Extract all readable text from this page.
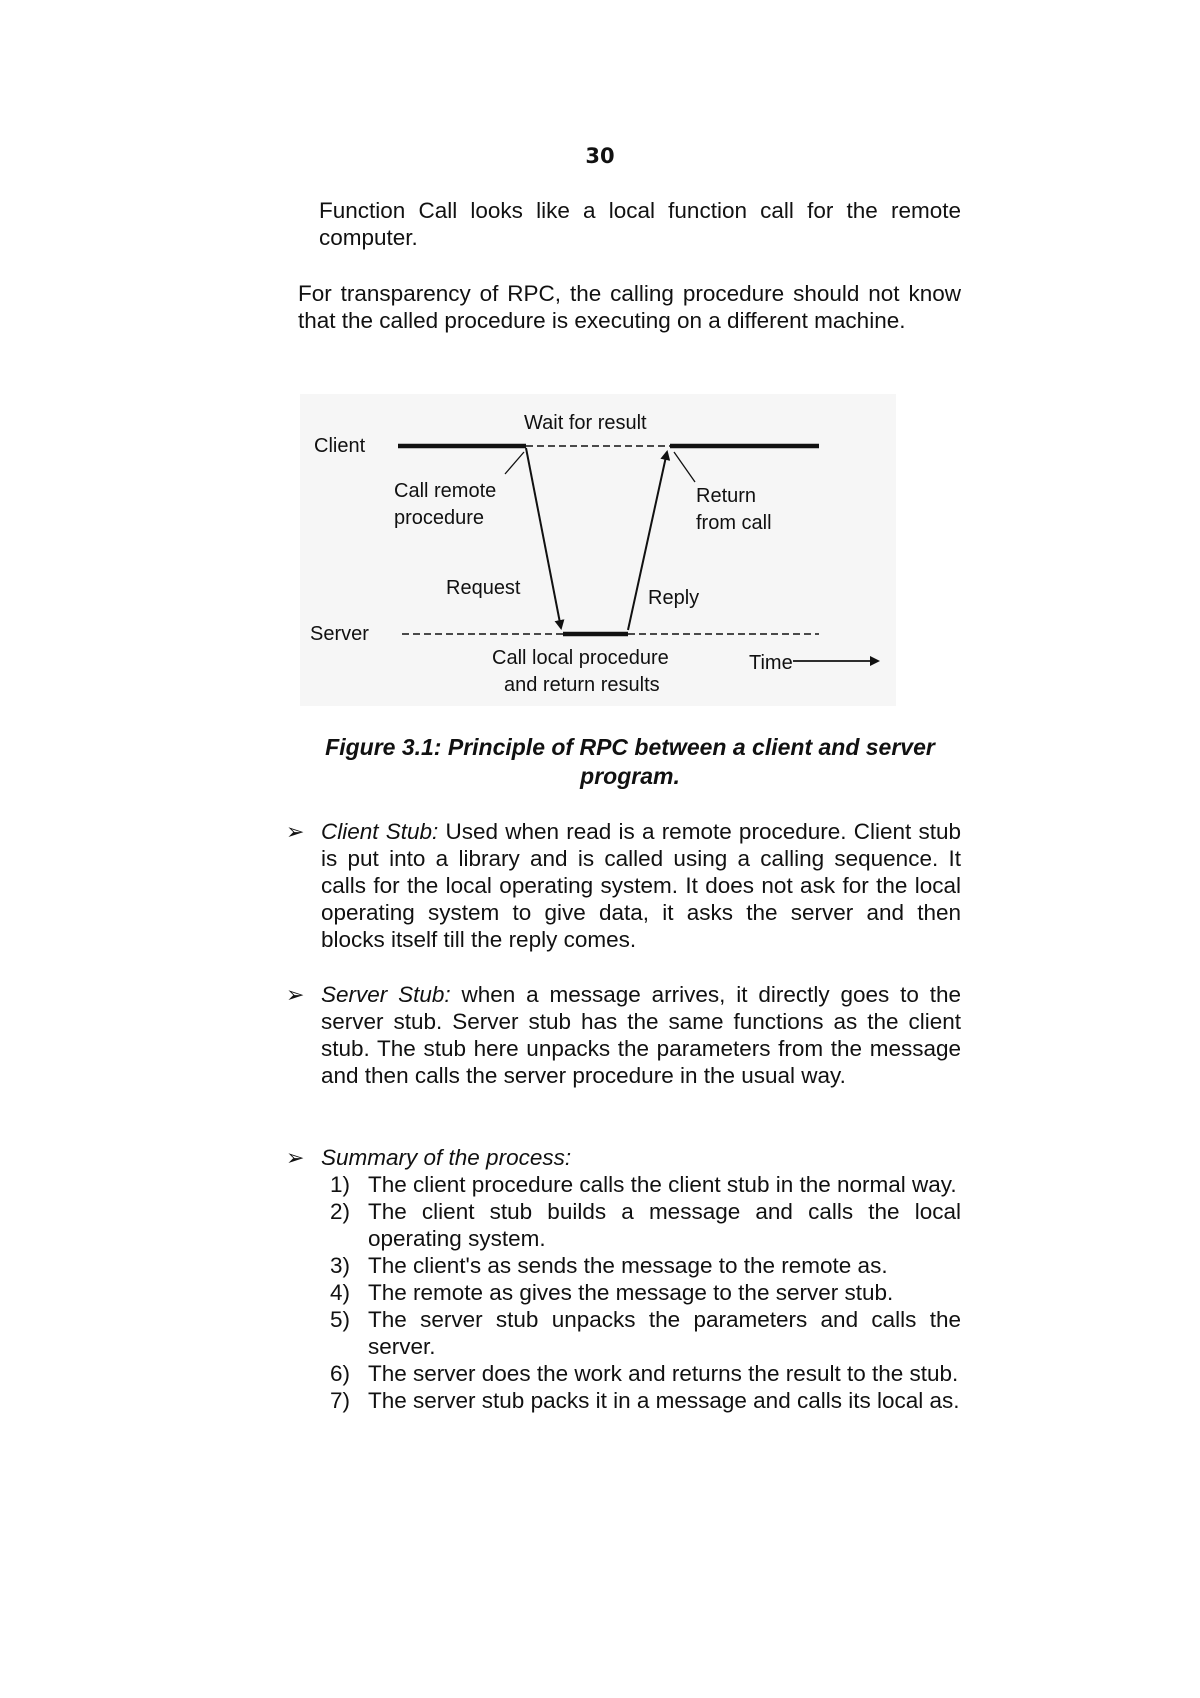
30

Function Call looks like a local function call for the remote computer.

For transparency of RPC, the calling procedure should not know that the called procedure is executing on a different machine.

Client
Server
Wait for result
Call remote
procedure
Return
from call
Request	Reply
Call local procedure
and return results
Time
Figure 3.1: Principle of RPC between a client and server program.
➢ Client Stub: Used when read is a remote procedure. Client stub is put into a library and is called using a calling sequence. It calls for the local operating system. It does not ask for the local operating system to give data, it asks the server and then blocks itself till the reply comes.
➢ Server Stub: when a message arrives, it directly goes to the server stub. Server stub has the same functions as the client stub. The stub here unpacks the parameters from the message and then calls the server procedure in the usual way.
➢ Summary of the process:
1) The client procedure calls the client stub in the normal way.
2) The client stub builds a message and calls the local operating system.
3) The client's as sends the message to the remote as.
4) The remote as gives the message to the server stub.
5) The server stub unpacks the parameters and calls the server.
6) The server does the work and returns the result to the stub.
7) The server stub packs it in a message and calls its local as.
